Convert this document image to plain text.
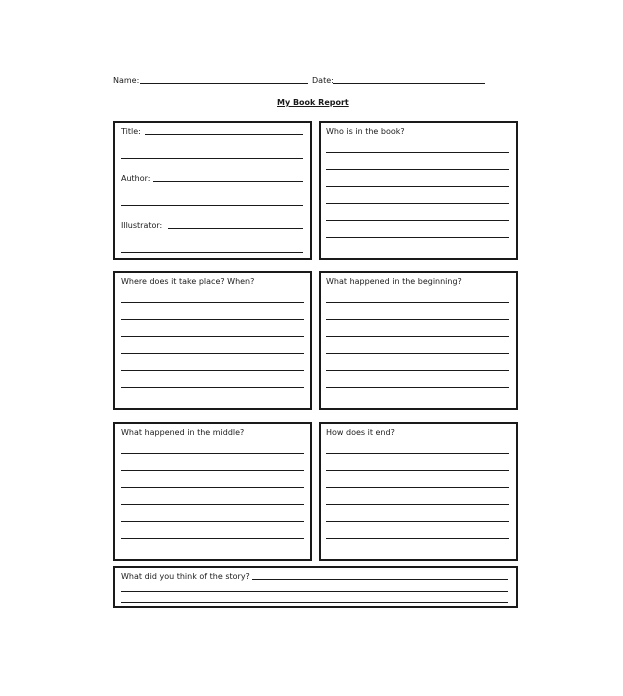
Name:	Date:
My Book Report
Title:
Author:
Illustrator:
Who is in the book?
Where does it take place? When?	What happened in the beginning?
What happened in the middle?	How does it end?
What did you think of the story?
